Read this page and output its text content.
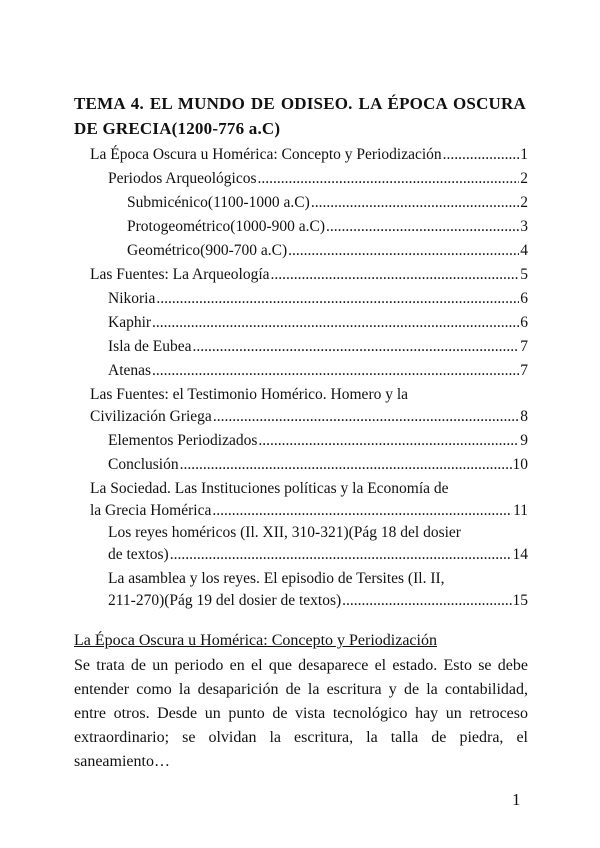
TEMA 4. EL MUNDO DE ODISEO. LA ÉPOCA OSCURA DE GRECIA(1200-776 a.C)
La Época Oscura u Homérica: Concepto y Periodización .....	1
Periodos Arqueológicos .....	2
Submicénico(1100-1000 a.C) .....	2
Protogeométrico(1000-900 a.C) .....	3
Geométrico(900-700 a.C) .....	4
Las Fuentes: La Arqueología .....	5
Nikoria .....	6
Kaphir .....	6
Isla de Eubea .....	7
Atenas .....	7
Las Fuentes: el Testimonio Homérico. Homero y la
Civilización Griega .....	8
Elementos Periodizados .....	9
Conclusión .....	10
La Sociedad. Las Instituciones políticas y la Economía de
la Grecia Homérica .....	11
Los reyes homéricos (Il. XII, 310-321)(Pág 18 del dosier
de textos) .....	14
La asamblea y los reyes. El episodio de Tersites (Il. II,
211-270)(Pág 19 del dosier de textos) .....	15
La Época Oscura u Homérica: Concepto y Periodización
Se trata de un periodo en el que desaparece el estado. Esto se debe entender como la desaparición de la escritura y de la contabilidad, entre otros. Desde un punto de vista tecnológico hay un retroceso extraordinario; se olvidan la escritura, la talla de piedra, el saneamiento…
1
